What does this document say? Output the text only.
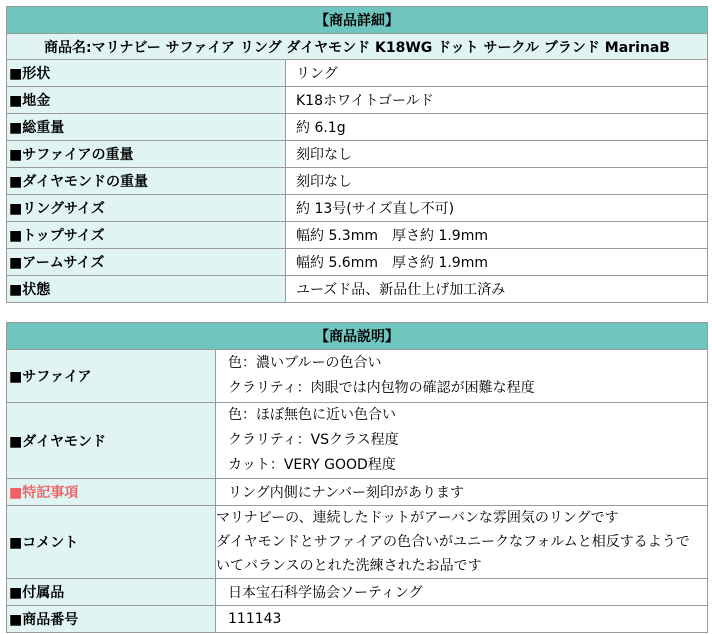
【商品詳細】	
商品名:マリナビー サファイア リング ダイヤモンド K18WG ドット サークル ブランド MarinaB	
■形状	リング
■地金	K18ホワイトゴールド
■総重量	約 6.1g
■サファイアの重量	刻印なし
■ダイヤモンドの重量	刻印なし
■リングサイズ	約 13号(サイズ直し不可)
■トップサイズ	幅約 5.3mm　厚さ約 1.9mm
■アームサイズ	幅約 5.6mm　厚さ約 1.9mm
■状態	ユーズド品、新品仕上げ加工済み
【商品説明】	
■サファイア	色：濃いブルーの色合い
クラリティ：肉眼では内包物の確認が困難な程度

■ダイヤモンド	色：ほぼ無色に近い色合い
クラリティ：VSクラス程度
カット：VERY GOOD程度

■特記事項	リング内側にナンバー刻印があります
■コメント	マリナビーの、連続したドットがアーバンな雰囲気のリングです
ダイヤモンドとサファイアの色合いがユニークなフォルムと相反するようで
いてバランスのとれた洗練されたお品です

■付属品	日本宝石科学協会ソーティング
■商品番号	111143
